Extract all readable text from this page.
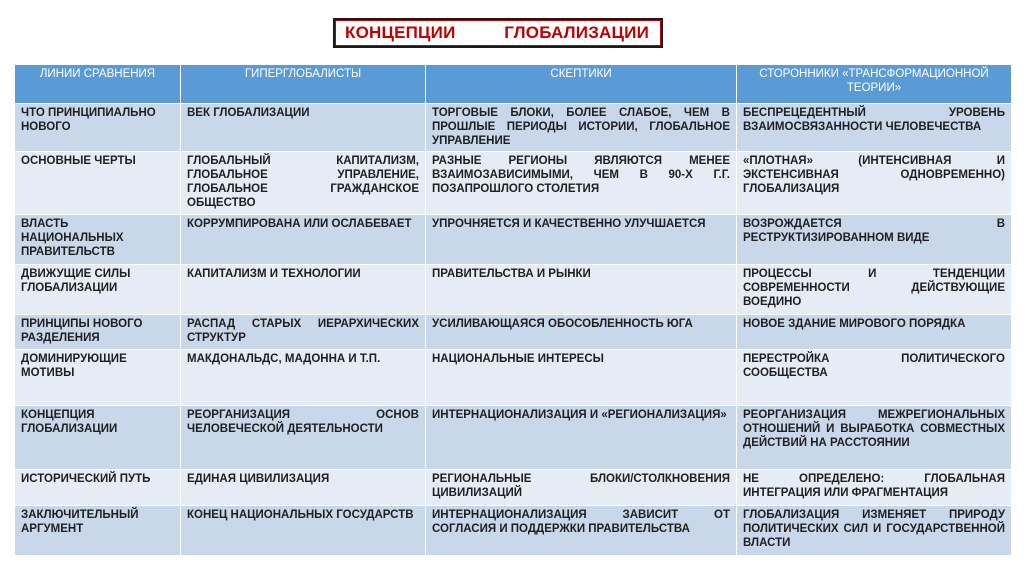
КОНЦЕПЦИИ	ГЛОБАЛИЗАЦИИ
ЛИНИИ СРАВНЕНИЯ	ГИПЕРГЛОБАЛИСТЫ	СКЕПТИКИ	СТОРОННИКИ «ТРАНСФОРМАЦИОННОЙ ТЕОРИИ»
ЧТО ПРИНЦИПИАЛЬНО НОВОГО	ВЕК ГЛОБАЛИЗАЦИИ	ТОРГОВЫЕ БЛОКИ, БОЛЕЕ СЛАБОЕ, ЧЕМ В ПРОШЛЫЕ ПЕРИОДЫ ИСТОРИИ, ГЛОБАЛЬНОЕ УПРАВЛЕНИЕ	БЕСПРЕЦЕДЕНТНЫЙ УРОВЕНЬ ВЗАИМОСВЯЗАННОСТИ ЧЕЛОВЕЧЕСТВА
ОСНОВНЫЕ ЧЕРТЫ	ГЛОБАЛЬНЫЙ КАПИТАЛИЗМ, ГЛОБАЛЬНОЕ УПРАВЛЕНИЕ, ГЛОБАЛЬНОЕ ГРАЖДАНСКОЕ ОБЩЕСТВО	РАЗНЫЕ РЕГИОНЫ ЯВЛЯЮТСЯ МЕНЕЕ ВЗАИМОЗАВИСИМЫМИ, ЧЕМ В 90-Х Г.Г. ПОЗАПРОШЛОГО СТОЛЕТИЯ	«ПЛОТНАЯ» (ИНТЕНСИВНАЯ И ЭКСТЕНСИВНАЯ ОДНОВРЕМЕННО) ГЛОБАЛИЗАЦИЯ
ВЛАСТЬ НАЦИОНАЛЬНЫХ ПРАВИТЕЛЬСТВ	КОРРУМПИРОВАНА ИЛИ ОСЛАБЕВАЕТ	УПРОЧНЯЕТСЯ И КАЧЕСТВЕННО УЛУЧШАЕТСЯ	ВОЗРОЖДАЕТСЯ В РЕСТРУКТИЗИРОВАННОМ ВИДЕ
ДВИЖУЩИЕ СИЛЫ ГЛОБАЛИЗАЦИИ	КАПИТАЛИЗМ И ТЕХНОЛОГИИ	ПРАВИТЕЛЬСТВА И РЫНКИ	ПРОЦЕССЫ И ТЕНДЕНЦИИ СОВРЕМЕННОСТИ ДЕЙСТВУЮЩИЕ ВОЕДИНО
ПРИНЦИПЫ НОВОГО РАЗДЕЛЕНИЯ	РАСПАД СТАРЫХ ИЕРАРХИЧЕСКИХ СТРУКТУР	УСИЛИВАЮЩАЯСЯ ОБОСОБЛЕННОСТЬ ЮГА	НОВОЕ ЗДАНИЕ МИРОВОГО ПОРЯДКА
ДОМИНИРУЮЩИЕ МОТИВЫ	МАКДОНАЛЬДС, МАДОННА И Т.П.	НАЦИОНАЛЬНЫЕ ИНТЕРЕСЫ	ПЕРЕСТРОЙКА ПОЛИТИЧЕСКОГО СООБЩЕСТВА
КОНЦЕПЦИЯ ГЛОБАЛИЗАЦИИ	РЕОРГАНИЗАЦИЯ ОСНОВ ЧЕЛОВЕЧЕСКОЙ ДЕЯТЕЛЬНОСТИ	ИНТЕРНАЦИОНАЛИЗАЦИЯ И «РЕГИОНАЛИЗАЦИЯ»	РЕОРГАНИЗАЦИЯ МЕЖРЕГИОНАЛЬНЫХ ОТНОШЕНИЙ И ВЫРАБОТКА СОВМЕСТНЫХ ДЕЙСТВИЙ НА РАССТОЯНИИ
ИСТОРИЧЕСКИЙ ПУТЬ	ЕДИНАЯ ЦИВИЛИЗАЦИЯ	РЕГИОНАЛЬНЫЕ БЛОКИ/СТОЛКНОВЕНИЯ ЦИВИЛИЗАЦИЙ	НЕ ОПРЕДЕЛЕНО: ГЛОБАЛЬНАЯ ИНТЕГРАЦИЯ ИЛИ ФРАГМЕНТАЦИЯ
ЗАКЛЮЧИТЕЛЬНЫЙ АРГУМЕНТ	КОНЕЦ НАЦИОНАЛЬНЫХ ГОСУДАРСТВ	ИНТЕРНАЦИОНАЛИЗАЦИЯ ЗАВИСИТ ОТ СОГЛАСИЯ И ПОДДЕРЖКИ ПРАВИТЕЛЬСТВА	ГЛОБАЛИЗАЦИЯ ИЗМЕНЯЕТ ПРИРОДУ ПОЛИТИЧЕСКИХ СИЛ И ГОСУДАРСТВЕННОЙ ВЛАСТИ
